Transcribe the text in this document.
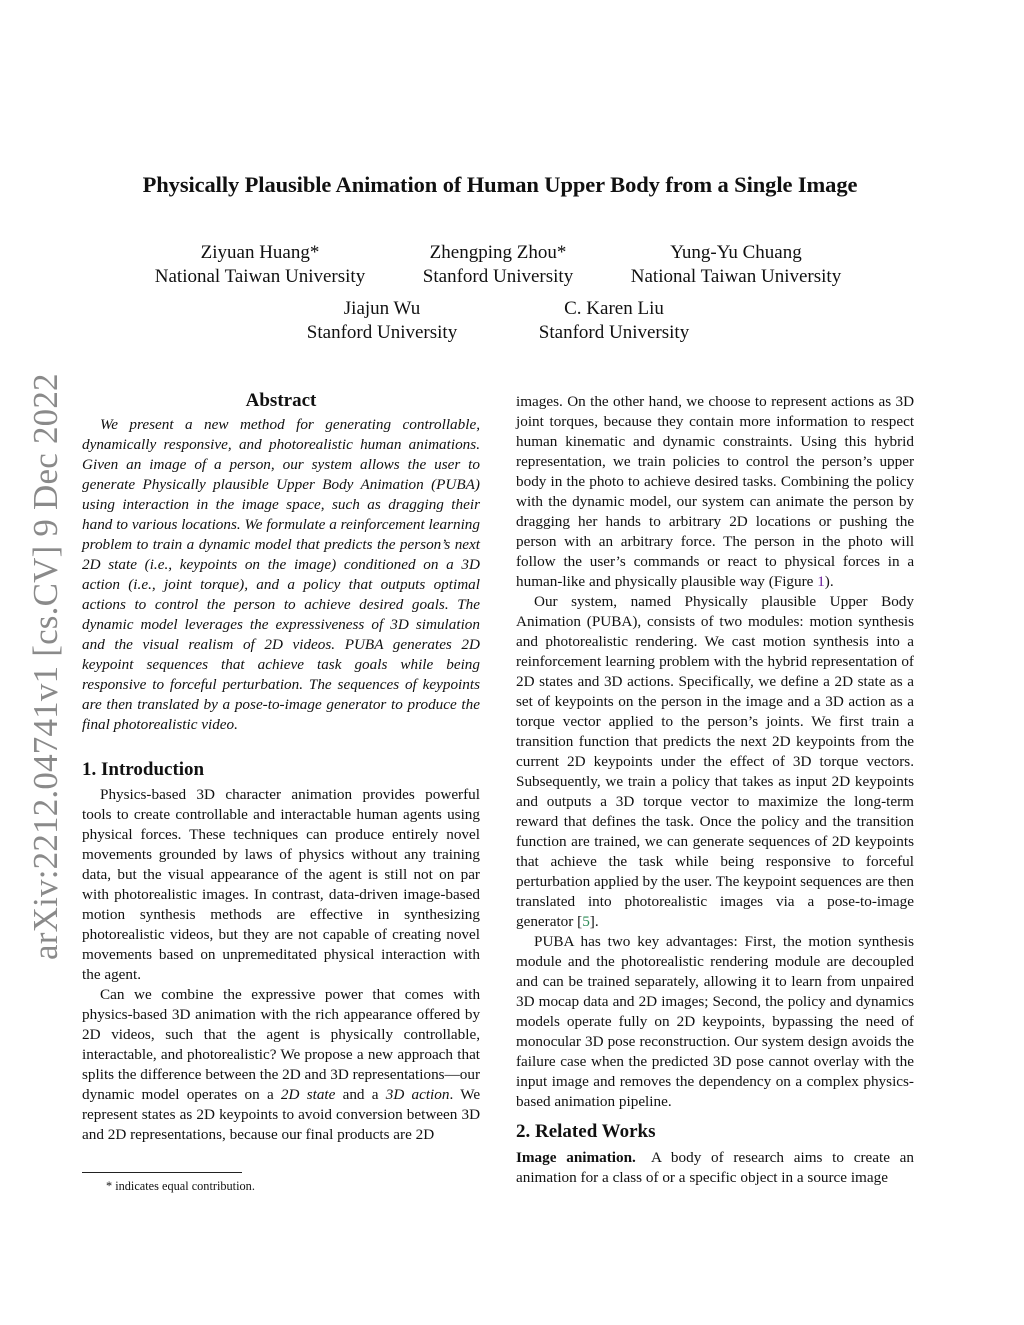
arXiv:2212.04741v1 [cs.CV] 9 Dec 2022
Physically Plausible Animation of Human Upper Body from a Single Image
Ziyuan Huang*
National Taiwan University
Zhengping Zhou*
Stanford University
Yung-Yu Chuang
National Taiwan University
Jiajun Wu
Stanford University
C. Karen Liu
Stanford University
Abstract

We present a new method for generating controllable, dynamically responsive, and photorealistic human animations. Given an image of a person, our system allows the user to generate Physically plausible Upper Body Animation (PUBA) using interaction in the image space, such as dragging their hand to various locations. We formulate a reinforcement learning problem to train a dynamic model that predicts the person’s next 2D state (i.e., keypoints on the image) conditioned on a 3D action (i.e., joint torque), and a policy that outputs optimal actions to control the person to achieve desired goals. The dynamic model leverages the expressiveness of 3D simulation and the visual realism of 2D videos. PUBA generates 2D keypoint sequences that achieve task goals while being responsive to forceful perturbation. The sequences of keypoints are then translated by a pose-to-image generator to produce the final photorealistic video.

1. Introduction

Physics-based 3D character animation provides powerful tools to create controllable and interactable human agents using physical forces. These techniques can produce entirely novel movements grounded by laws of physics without any training data, but the visual appearance of the agent is still not on par with photorealistic images. In contrast, data-driven image-based motion synthesis methods are effective in synthesizing photorealistic videos, but they are not capable of creating novel movements based on unpremeditated physical interaction with the agent.

Can we combine the expressive power that comes with physics-based 3D animation with the rich appearance offered by 2D videos, such that the agent is physically controllable, interactable, and photorealistic? We propose a new approach that splits the difference between the 2D and 3D representations—our dynamic model operates on a 2D state and a 3D action. We represent states as 2D keypoints to avoid conversion between 3D and 2D representations, because our final products are 2D

images. On the other hand, we choose to represent actions as 3D joint torques, because they contain more information to respect human kinematic and dynamic constraints. Using this hybrid representation, we train policies to control the person’s upper body in the photo to achieve desired tasks. Combining the policy with the dynamic model, our system can animate the person by dragging her hands to arbitrary 2D locations or pushing the person with an arbitrary force. The person in the photo will follow the user’s commands or react to physical forces in a human-like and physically plausible way (Figure 1).

Our system, named Physically plausible Upper Body Animation (PUBA), consists of two modules: motion synthesis and photorealistic rendering. We cast motion synthesis into a reinforcement learning problem with the hybrid representation of 2D states and 3D actions. Specifically, we define a 2D state as a set of keypoints on the person in the image and a 3D action as a torque vector applied to the person’s joints. We first train a transition function that predicts the next 2D keypoints from the current 2D keypoints under the effect of 3D torque vectors. Subsequently, we train a policy that takes as input 2D keypoints and outputs a 3D torque vector to maximize the long-term reward that defines the task. Once the policy and the transition function are trained, we can generate sequences of 2D keypoints that achieve the task while being responsive to forceful perturbation applied by the user. The keypoint sequences are then translated into photorealistic images via a pose-to-image generator [5].

PUBA has two key advantages: First, the motion synthesis module and the photorealistic rendering module are decoupled and can be trained separately, allowing it to learn from unpaired 3D mocap data and 2D images; Second, the policy and dynamics models operate fully on 2D keypoints, bypassing the need of monocular 3D pose reconstruction. Our system design avoids the failure case when the predicted 3D pose cannot overlay with the input image and removes the dependency on a complex physics-based animation pipeline.

2. Related Works

Image animation. A body of research aims to create an animation for a class of or a specific object in a source image

* indicates equal contribution.
